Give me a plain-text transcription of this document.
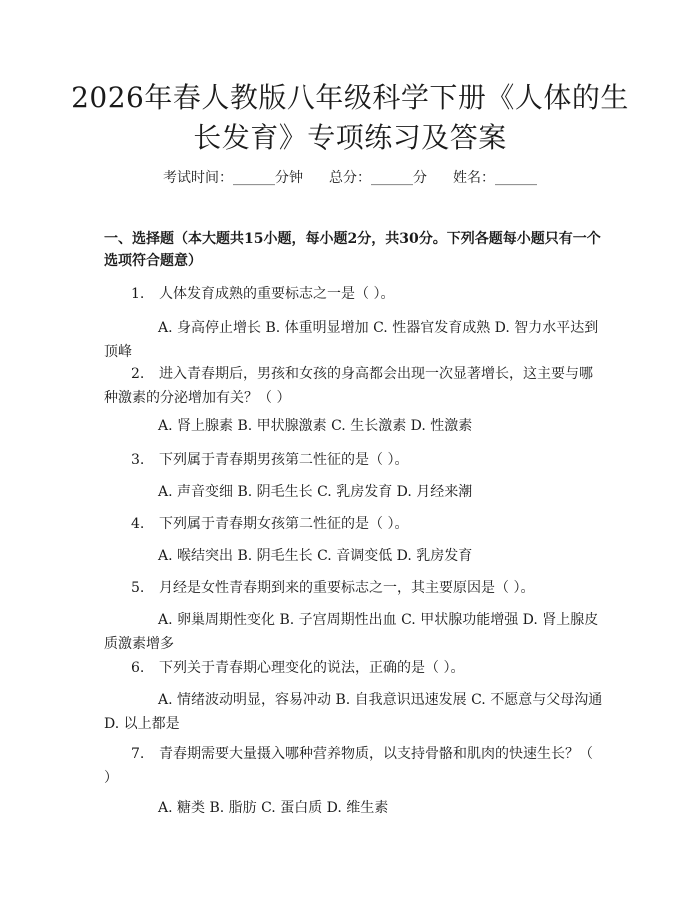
2026年春人教版八年级科学下册《人体的生长发育》专项练习及答案
考试时间：______分钟 总分：______分 姓名：______
一、选择题（本大题共15小题，每小题2分，共30分。下列各题每小题只有一个选项符合题意）
1. 人体发育成熟的重要标志之一是（ ）。
A. 身高停止增长 B. 体重明显增加 C. 性器官发育成熟 D. 智力水平达到顶峰
2. 进入青春期后，男孩和女孩的身高都会出现一次显著增长，这主要与哪种激素的分泌增加有关？（ ）
A. 肾上腺素 B. 甲状腺激素 C. 生长激素 D. 性激素
3. 下列属于青春期男孩第二性征的是（ ）。
A. 声音变细 B. 阴毛生长 C. 乳房发育 D. 月经来潮
4. 下列属于青春期女孩第二性征的是（ ）。
A. 喉结突出 B. 阴毛生长 C. 音调变低 D. 乳房发育
5. 月经是女性青春期到来的重要标志之一，其主要原因是（ ）。
A. 卵巢周期性变化 B. 子宫周期性出血 C. 甲状腺功能增强 D. 肾上腺皮质激素增多
6. 下列关于青春期心理变化的说法，正确的是（ ）。
A. 情绪波动明显，容易冲动 B. 自我意识迅速发展 C. 不愿意与父母沟通 D. 以上都是
7. 青春期需要大量摄入哪种营养物质，以支持骨骼和肌肉的快速生长？（ ）
A. 糖类 B. 脂肪 C. 蛋白质 D. 维生素
